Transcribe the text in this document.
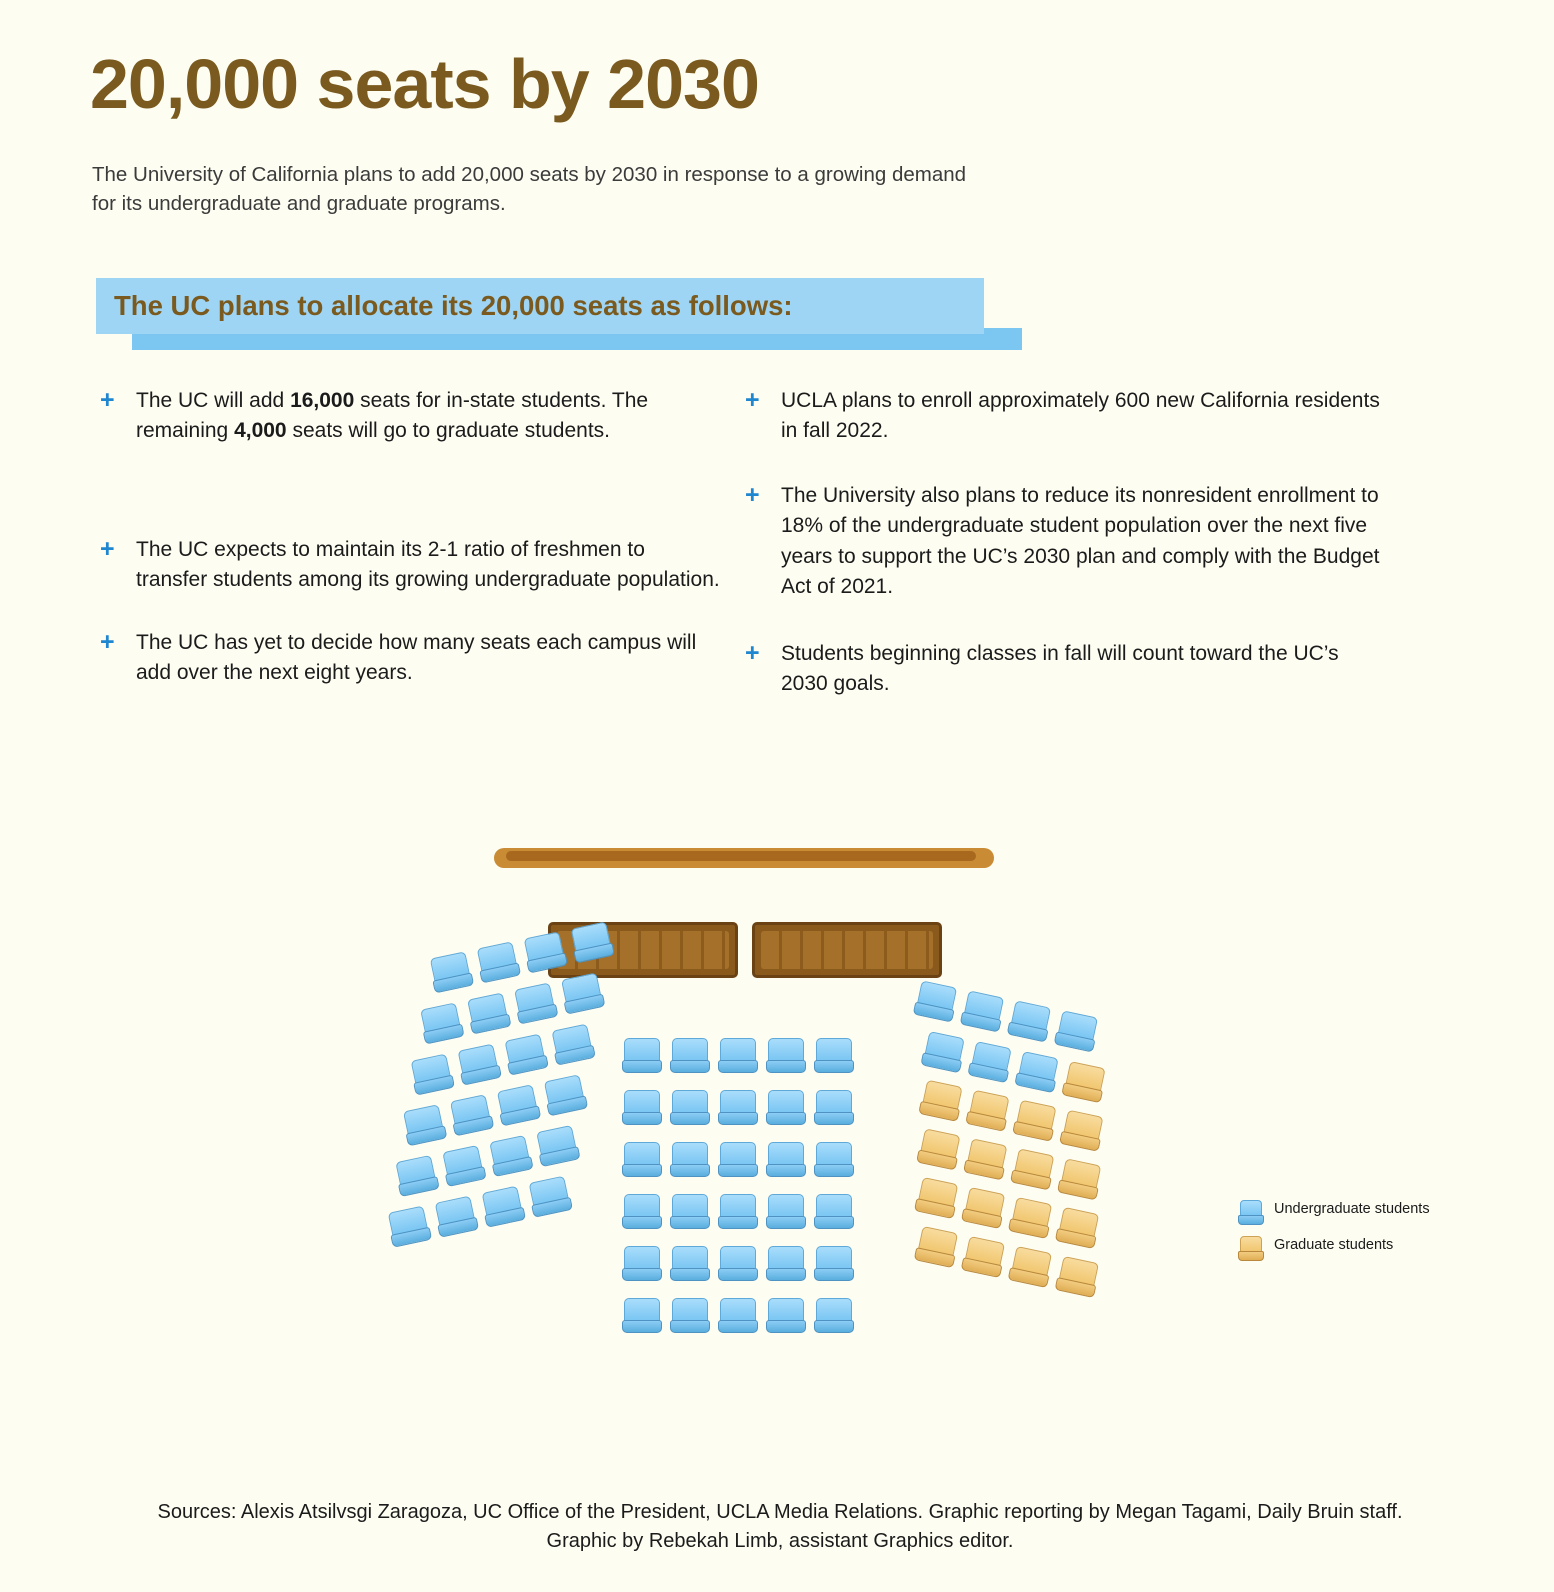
20,000 seats by 2030
The University of California plans to add 20,000 seats by 2030 in response to a growing demand for its undergraduate and graduate programs.
The UC plans to allocate its 20,000 seats as follows:
+ The UC will add 16,000 seats for in-state students. The remaining 4,000 seats will go to graduate students.
+ The UC expects to maintain its 2-1 ratio of freshmen to transfer students among its growing undergraduate population.
+ The UC has yet to decide how many seats each campus will add over the next eight years.
+ UCLA plans to enroll approximately 600 new California residents in fall 2022.
+ The University also plans to reduce its nonresident enrollment to 18% of the undergraduate student population over the next five years to support the UC’s 2030 plan and comply with the Budget Act of 2021.
+ Students beginning classes in fall will count toward the UC’s 2030 goals.
Undergraduate students
Graduate students
Sources: Alexis Atsilvsgi Zaragoza, UC Office of the President, UCLA Media Relations. Graphic reporting by Megan Tagami, Daily Bruin staff. Graphic by Rebekah Limb, assistant Graphics editor.
